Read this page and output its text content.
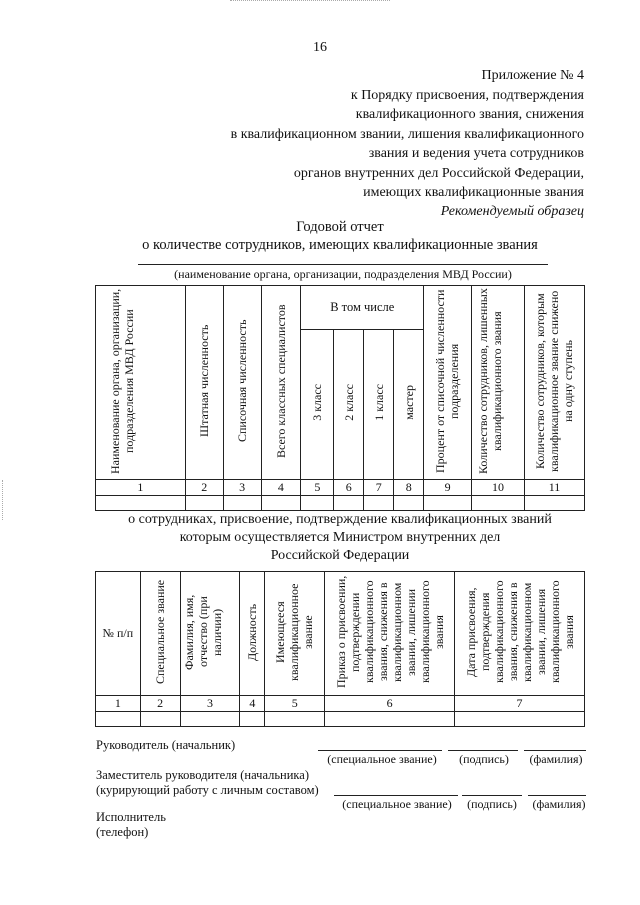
16
Приложение № 4
к Порядку присвоения, подтверждения
квалификационного звания, снижения
в квалификационном звании, лишения квалификационного
звания и ведения учета сотрудников
органов внутренних дел Российской Федерации,
имеющих квалификационные звания
Рекомендуемый образец
Годовой отчет
о количестве сотрудников, имеющих квалификационные звания
(наименование органа, организации, подразделения МВД России)
Наименование органа, организации, подразделения МВД России	Штатная численность	Списочная численность	Всего классных специалистов	В том числе				Процент от списочной численности подразделения	Количество сотрудников, лишенных квалификационного звания	Количество сотрудников, которым квалификационное звание снижено на одну ступень
				3 класс	2 класс	1 класс	мастер			
1	2	3	4	5	6	7	8	9	10	11

о сотрудниках, присвоение, подтверждение квалификационных званий
которым осуществляется Министром внутренних дел
Российской Федерации
№ п/п	Специальное звание	Фамилия, имя, отчество (при наличии)	Должность	Имеющееся квалификационное звание	Приказ о присвоении, подтверждении квалификационного звания, снижения в квалификационном звании, лишении квалификационного звания	Дата присвоения, подтверждения квалификационного звания, снижения в квалификационном звании, лишения квалификационного звания
1	2	3	4	5	6	7

Руководитель (начальник)
(специальное звание)	(подпись)	(фамилия)
Заместитель руководителя (начальника)
(курирующий работу с личным составом)
(специальное звание)	(подпись)	(фамилия)
Исполнитель
(телефон)
